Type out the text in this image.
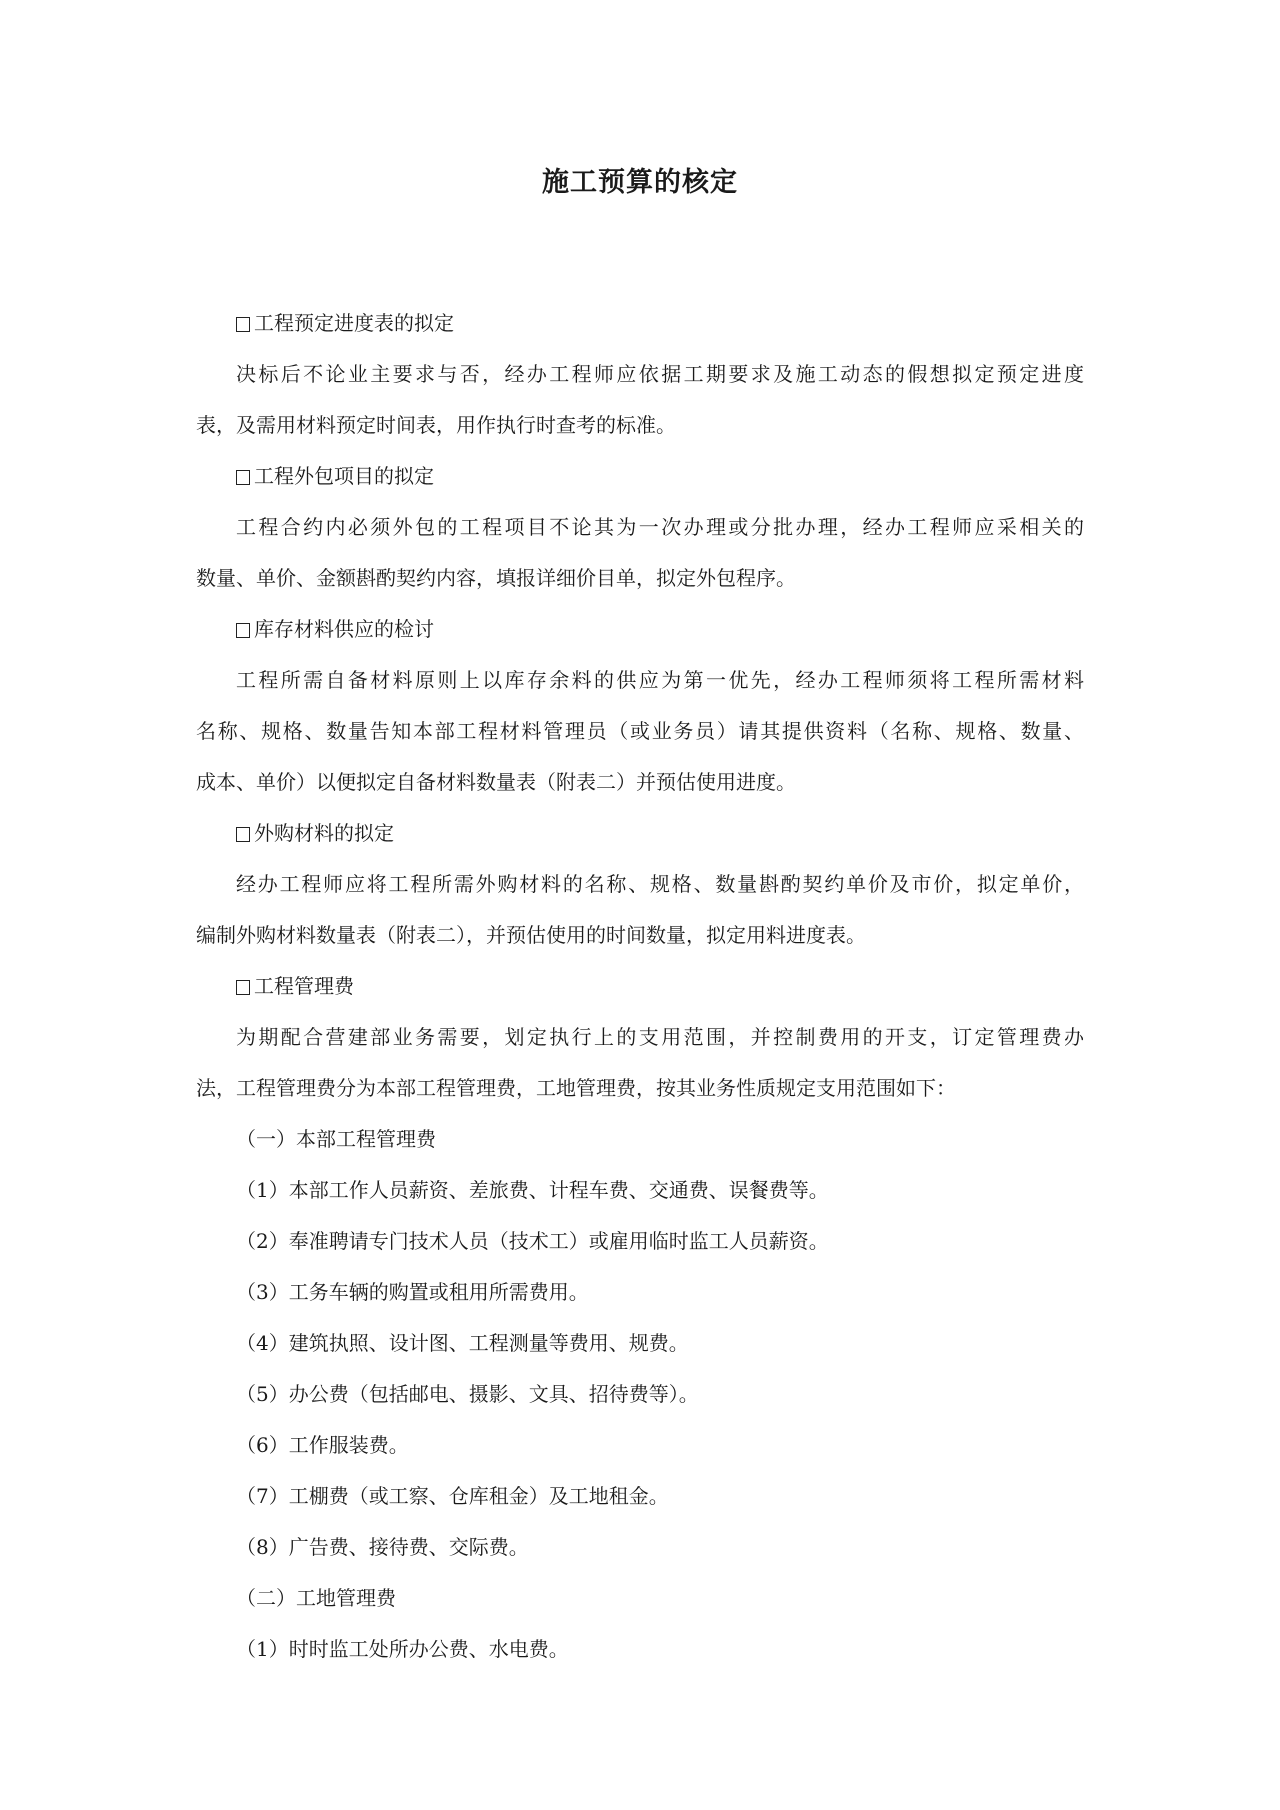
施工预算的核定
工程预定进度表的拟定
决标后不论业主要求与否，经办工程师应依据工期要求及施工动态的假想拟定预定进度
表，及需用材料预定时间表，用作执行时查考的标准。
工程外包项目的拟定
工程合约内必须外包的工程项目不论其为一次办理或分批办理，经办工程师应采相关的
数量、单价、金额斟酌契约内容，填报详细价目单，拟定外包程序。
库存材料供应的检讨
工程所需自备材料原则上以库存余料的供应为第一优先，经办工程师须将工程所需材料
名称、规格、数量告知本部工程材料管理员（或业务员）请其提供资料（名称、规格、数量、
成本、单价）以便拟定自备材料数量表（附表二）并预估使用进度。
外购材料的拟定
经办工程师应将工程所需外购材料的名称、规格、数量斟酌契约单价及市价，拟定单价，
编制外购材料数量表（附表二），并预估使用的时间数量，拟定用料进度表。
工程管理费
为期配合营建部业务需要，划定执行上的支用范围，并控制费用的开支，订定管理费办
法，工程管理费分为本部工程管理费，工地管理费，按其业务性质规定支用范围如下：
（一）本部工程管理费
（1）本部工作人员薪资、差旅费、计程车费、交通费、误餐费等。
（2）奉准聘请专门技术人员（技术工）或雇用临时监工人员薪资。
（3）工务车辆的购置或租用所需费用。
（4）建筑执照、设计图、工程测量等费用、规费。
（5）办公费（包括邮电、摄影、文具、招待费等）。
（6）工作服装费。
（7）工棚费（或工察、仓库租金）及工地租金。
（8）广告费、接待费、交际费。
（二）工地管理费
（1）时时监工处所办公费、水电费。
